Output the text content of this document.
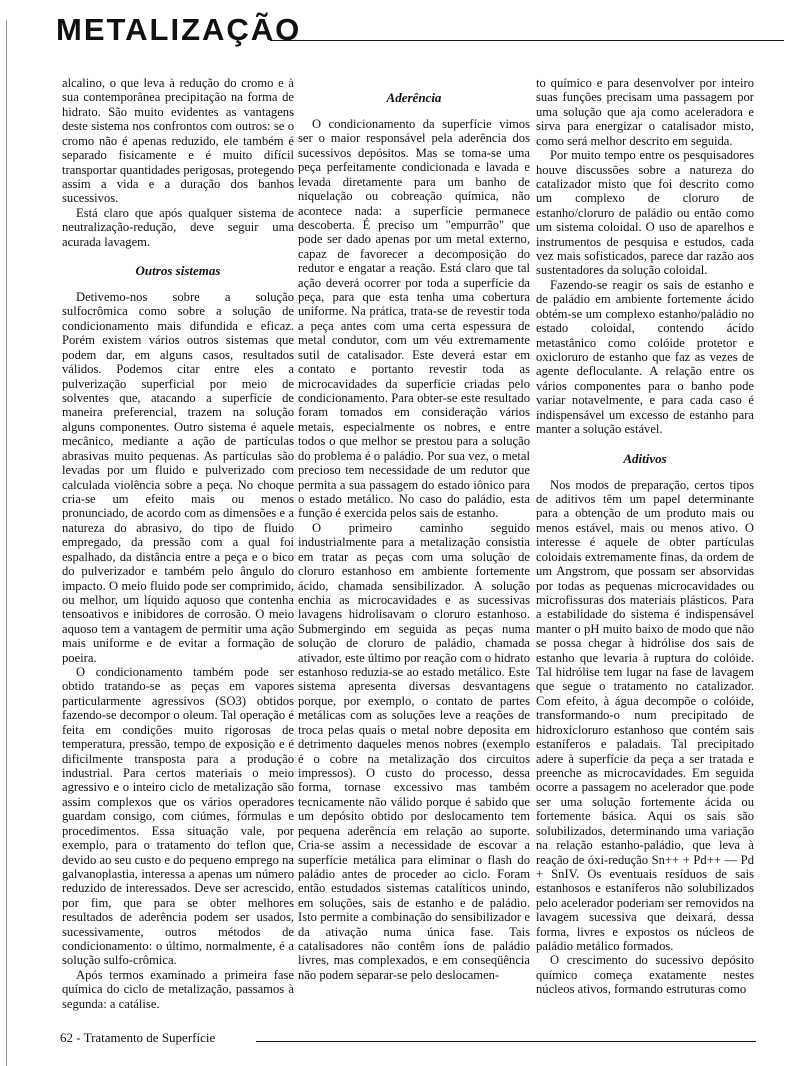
METALIZAÇÃO

alcalino, o que leva à redução do cromo e à sua contemporânea precipitação na forma de hidrato. São muito evidentes as vantagens deste sistema nos confrontos com outros: se o cromo não é apenas reduzido, ele também é separado fisicamente e é muito difícil transportar quantidades perigosas, protegendo assim a vida e a duração dos banhos sucessivos.

Está claro que após qualquer sistema de neutralização-redução, deve seguir uma acurada lavagem.

Outros sistemas

Detivemo-nos sobre a solução sulfocrômica como sobre a solução de condicionamento mais difundida e eficaz. Porém existem vários outros sistemas que podem dar, em alguns casos, resultados válidos. Podemos citar entre eles a pulverização superficial por meio de solventes que, atacando a superfície de maneira preferencial, trazem na solução alguns componentes. Outro sistema é aquele mecânico, mediante a ação de partículas abrasivas muito pequenas. As partículas são levadas por um fluido e pulverizado com calculada violência sobre a peça. No choque cria-se um efeito mais ou menos pronunciado, de acordo com as dimensões e a natureza do abrasivo, do tipo de fluido empregado, da pressão com a qual foi espalhado, da distância entre a peça e o bico do pulverizador e também pelo ângulo do impacto. O meio fluido pode ser comprimido, ou melhor, um líquido aquoso que contenha tensoativos e inibidores de corrosão. O meio aquoso tem a vantagem de permitir uma ação mais uniforme e de evitar a formação de poeira.

O condicionamento também pode ser obtido tratando-se as peças em vapores particularmente agressivos (SO3) obtidos fazendo-se decompor o oleum. Tal operação é feita em condições muito rigorosas de temperatura, pressão, tempo de exposição e é dificilmente transposta para a produção industrial. Para certos materiais o meio agressivo e o inteiro ciclo de metalização são assim complexos que os vários operadores guardam consigo, com ciúmes, fórmulas e procedimentos. Essa situação vale, por exemplo, para o tratamento do teflon que, devido ao seu custo e do pequeno emprego na galvanoplastia, interessa a apenas um número reduzido de interessados. Deve ser acrescido, por fim, que para se obter melhores resultados de aderência podem ser usados, sucessivamente, outros métodos de condicionamento: o último, normalmente, é a solução sulfo-crômica.

Após termos examinado a primeira fase química do ciclo de metalização, passamos à segunda: a catálise.

Aderência

O condicionamento da superfície vimos ser o maior responsável pela aderência dos sucessivos depósitos. Mas se toma-se uma peça perfeitamente condicionada e lavada e levada diretamente para um banho de niquelação ou cobreação química, não acontece nada: a superfície permanece descoberta. É preciso um "empurrão" que pode ser dado apenas por um metal externo, capaz de favorecer a decomposição do redutor e engatar a reação. Está claro que tal ação deverá ocorrer por toda a superfície da peça, para que esta tenha uma cobertura uniforme. Na prática, trata-se de revestir toda a peça antes com uma certa espessura de metal condutor, com um véu extremamente sutil de catalisador. Este deverá estar em contato e portanto revestir toda as microcavidades da superfície criadas pelo condicionamento. Para obter-se este resultado foram tomados em consideração vários metais, especialmente os nobres, e entre todos o que melhor se prestou para a solução do problema é o paládio. Por sua vez, o metal precioso tem necessidade de um redutor que permita a sua passagem do estado iônico para o estado metálico. No caso do paládio, esta função é exercida pelos sais de estanho.

O primeiro caminho seguido industrialmente para a metalização consistia em tratar as peças com uma solução de cloruro estanhoso em ambiente fortemente ácido, chamada sensibilizador. A solução enchia as microcavidades e as sucessivas lavagens hidrolisavam o cloruro estanhoso. Submergindo em seguida as peças numa solução de cloruro de paládio, chamada ativador, este último por reação com o hidrato estanhoso reduzia-se ao estado metálico. Este sistema apresenta diversas desvantagens porque, por exemplo, o contato de partes metálicas com as soluções leve a reações de troca pelas quais o metal nobre deposita em detrimento daqueles menos nobres (exemplo é o cobre na metalização dos circuitos impressos). O custo do processo, dessa forma, tornase excessivo mas também tecnicamente não válido porque é sabido que um depósito obtido por deslocamento tem pequena aderência em relação ao suporte. Cria-se assim a necessidade de escovar a superfície metálica para eliminar o flash do paládio antes de proceder ao ciclo. Foram então estudados sistemas catalíticos unindo, em soluções, sais de estanho e de paládio. Isto permite a combinação do sensibilizador e da ativação numa única fase. Tais catalisadores não contêm íons de paládio livres, mas complexados, e em conseqüência não podem separar-se pelo deslocamen-

to químico e para desenvolver por inteiro suas funções precisam uma passagem por uma solução que aja como aceleradora e sirva para energizar o catalisador misto, como será melhor descrito em seguida.

Por muito tempo entre os pesquisadores houve discussões sobre a natureza do catalizador misto que foi descrito como um complexo de cloruro de estanho/cloruro de paládio ou então como um sistema coloidal. O uso de aparelhos e instrumentos de pesquisa e estudos, cada vez mais sofisticados, parece dar razão aos sustentadores da solução coloidal.

Fazendo-se reagir os sais de estanho e de paládio em ambiente fortemente ácido obtém-se um complexo estanho/paládio no estado coloidal, contendo ácido metastânico como colóide protetor e oxicloruro de estanho que faz as vezes de agente defloculante. A relação entre os vários componentes para o banho pode variar notavelmente, e para cada caso é indispensável um excesso de estanho para manter a solução estável.

Aditivos

Nos modos de preparação, certos tipos de aditivos têm um papel determinante para a obtenção de um produto mais ou menos estável, mais ou menos ativo. O interesse é aquele de obter partículas coloidais extremamente finas, da ordem de um Angstrom, que possam ser absorvidas por todas as pequenas microcavidades ou microfissuras dos materiais plásticos. Para a estabilidade do sistema é indispensável manter o pH muito baixo de modo que não se possa chegar à hidrólise dos sais de estanho que levaria à ruptura do colóide. Tal hidrólise tem lugar na fase de lavagem que segue o tratamento no catalizador. Com efeito, à água decompõe o colóide, transformando-o num precipitado de hidroxicloruro estanhoso que contém sais estaníferos e paladais. Tal precipitado adere à superfície da peça a ser tratada e preenche as microcavidades. Em seguida ocorre a passagem no acelerador que pode ser uma solução fortemente ácida ou fortemente básica. Aqui os sais são solubilizados, determinando uma variação na relação estanho-paládio, que leva à reação de óxi-redução Sn++ + Pd++ — Pd + SnIV. Os eventuais resíduos de sais estanhosos e estaníferos não solubilizados pelo acelerador poderiam ser removidos na lavagem sucessiva que deixará, dessa forma, livres e expostos os núcleos de paládio metálico formados.

O crescimento do sucessivo depósito químico começa exatamente nestes núcleos ativos, formando estruturas como

62 - Tratamento de Superfície
